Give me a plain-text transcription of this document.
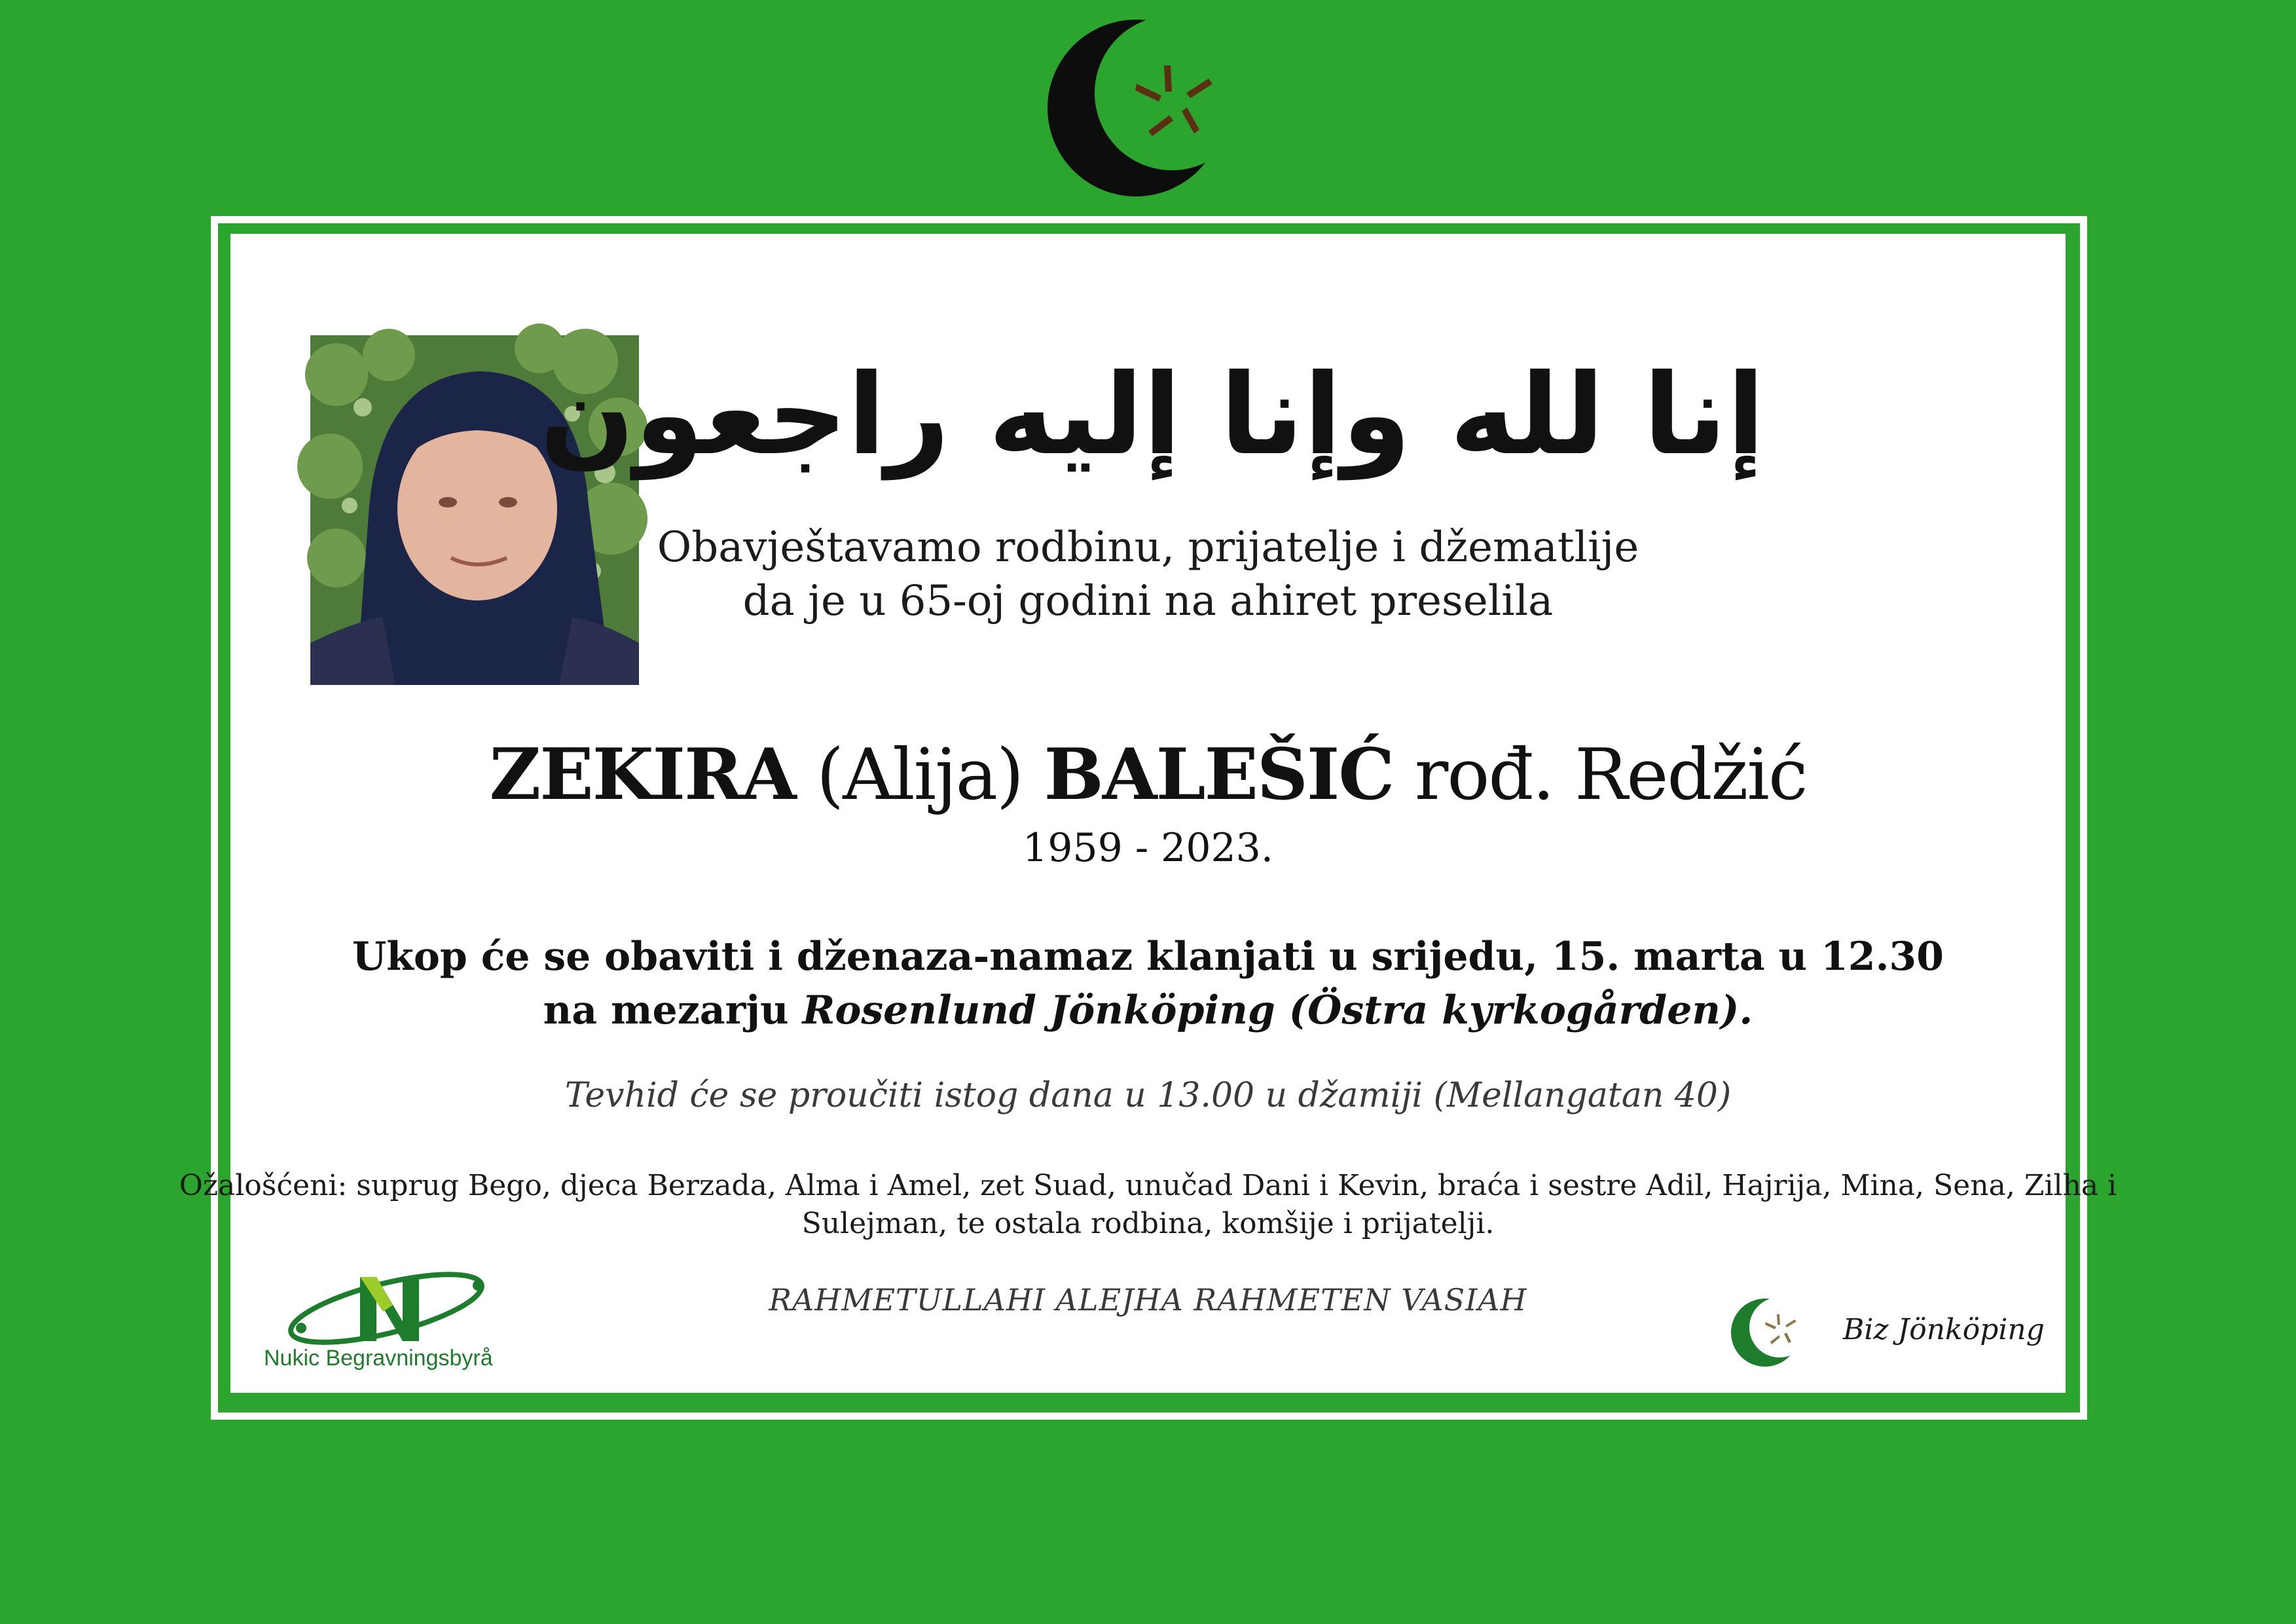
إنا لله وإنا إليه راجعون
Obavještavamo rodbinu, prijatelje i džematlije
da je u 65-oj godini na ahiret preselila
ZEKIRA (Alija) BALEŠIĆ rođ. Redžić
1959 - 2023.
Ukop će se obaviti i dženaza-namaz klanjati u srijedu, 15. marta u 12.30
na mezarju Rosenlund Jönköping (Östra kyrkogården).
Tevhid će se proučiti istog dana u 13.00 u džamiji (Mellangatan 40)
Ožalošćeni: suprug Bego, djeca Berzada, Alma i Amel, zet Suad, unučad Dani i Kevin, braća i sestre Adil, Hajrija, Mina, Sena, Zilha i
Sulejman, te ostala rodbina, komšije i prijatelji.
RAHMETULLAHI ALEJHA RAHMETEN VASIAH
Nukic Begravningsbyrå
Biz Jönköping
